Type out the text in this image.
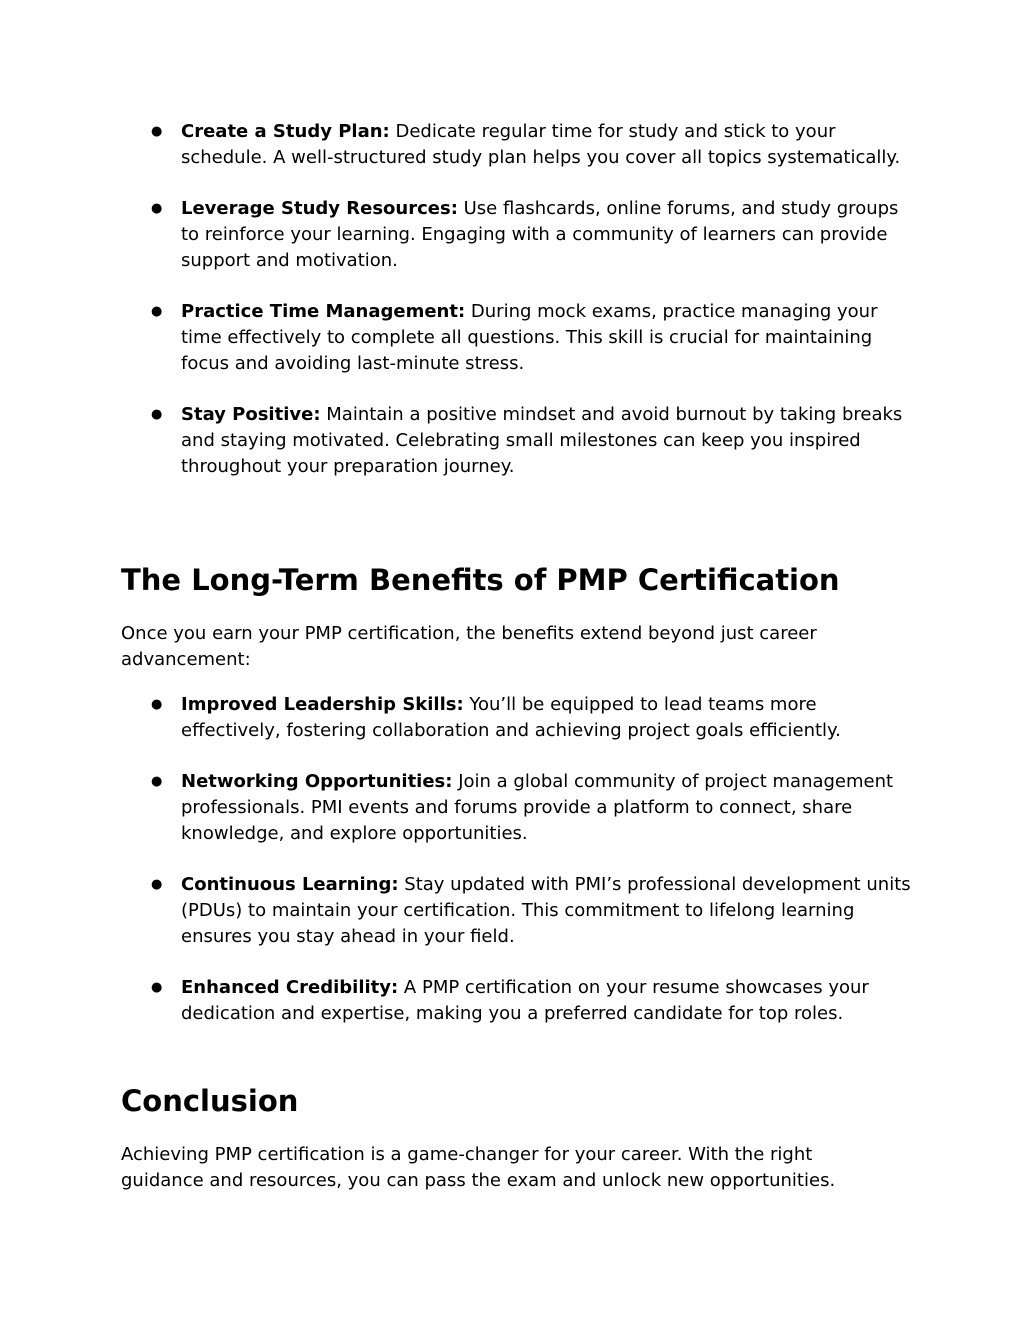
● Create a Study Plan: Dedicate regular time for study and stick to your schedule. A well-structured study plan helps you cover all topics systematically.
● Leverage Study Resources: Use flashcards, online forums, and study groups to reinforce your learning. Engaging with a community of learners can provide support and motivation.
● Practice Time Management: During mock exams, practice managing your time effectively to complete all questions. This skill is crucial for maintaining focus and avoiding last-minute stress.
● Stay Positive: Maintain a positive mindset and avoid burnout by taking breaks and staying motivated. Celebrating small milestones can keep you inspired throughout your preparation journey.
The Long-Term Benefits of PMP Certification

Once you earn your PMP certification, the benefits extend beyond just career advancement:

● Improved Leadership Skills: You’ll be equipped to lead teams more effectively, fostering collaboration and achieving project goals efficiently.
● Networking Opportunities: Join a global community of project management professionals. PMI events and forums provide a platform to connect, share knowledge, and explore opportunities.
● Continuous Learning: Stay updated with PMI’s professional development units (PDUs) to maintain your certification. This commitment to lifelong learning ensures you stay ahead in your field.
● Enhanced Credibility: A PMP certification on your resume showcases your dedication and expertise, making you a preferred candidate for top roles.
Conclusion

Achieving PMP certification is a game-changer for your career. With the right guidance and resources, you can pass the exam and unlock new opportunities.
